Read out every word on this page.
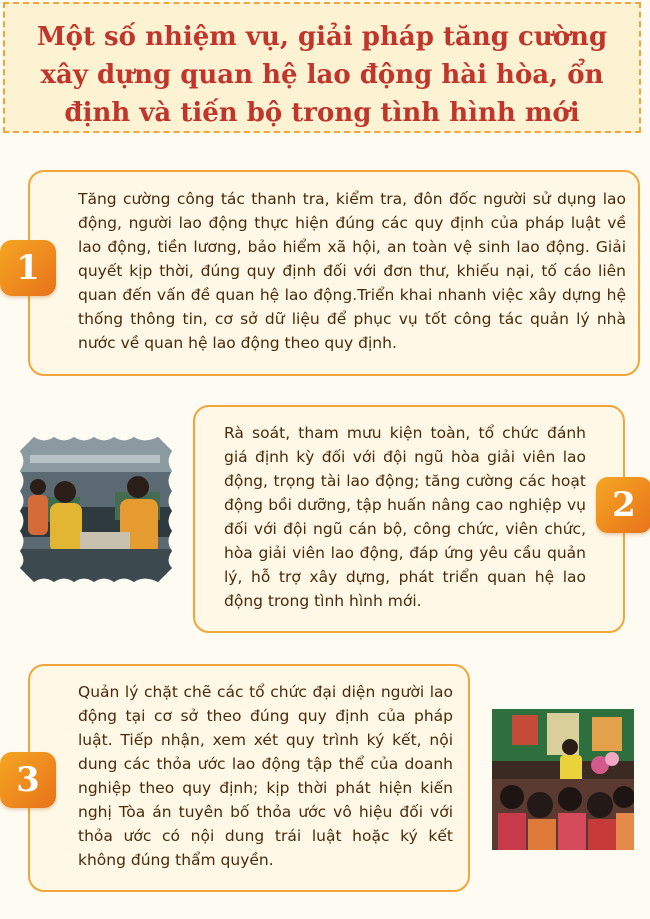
Một số nhiệm vụ, giải pháp tăng cường xây dựng quan hệ lao động hài hòa, ổn định và tiến bộ trong tình hình mới

Tăng cường công tác thanh tra, kiểm tra, đôn đốc người sử dụng lao động, người lao động thực hiện đúng các quy định của pháp luật về lao động, tiền lương, bảo hiểm xã hội, an toàn vệ sinh lao động. Giải quyết kịp thời, đúng quy định đối với đơn thư, khiếu nại, tố cáo liên quan đến vấn đề quan hệ lao động.Triển khai nhanh việc xây dựng hệ thống thông tin, cơ sở dữ liệu để phục vụ tốt công tác quản lý nhà nước về quan hệ lao động theo quy định.

1

Rà soát, tham mưu kiện toàn, tổ chức đánh giá định kỳ đối với đội ngũ hòa giải viên lao động, trọng tài lao động; tăng cường các hoạt động bồi dưỡng, tập huấn nâng cao nghiệp vụ đối với đội ngũ cán bộ, công chức, viên chức, hòa giải viên lao động, đáp ứng yêu cầu quản lý, hỗ trợ xây dựng, phát triển quan hệ lao động trong tình hình mới.

2

Quản lý chặt chẽ các tổ chức đại diện người lao động tại cơ sở theo đúng quy định của pháp luật. Tiếp nhận, xem xét quy trình ký kết, nội dung các thỏa ước lao động tập thể của doanh nghiệp theo quy định; kịp thời phát hiện kiến nghị Tòa án tuyên bố thỏa ước vô hiệu đối với thỏa ước có nội dung trái luật hoặc ký kết không đúng thẩm quyền.

3
